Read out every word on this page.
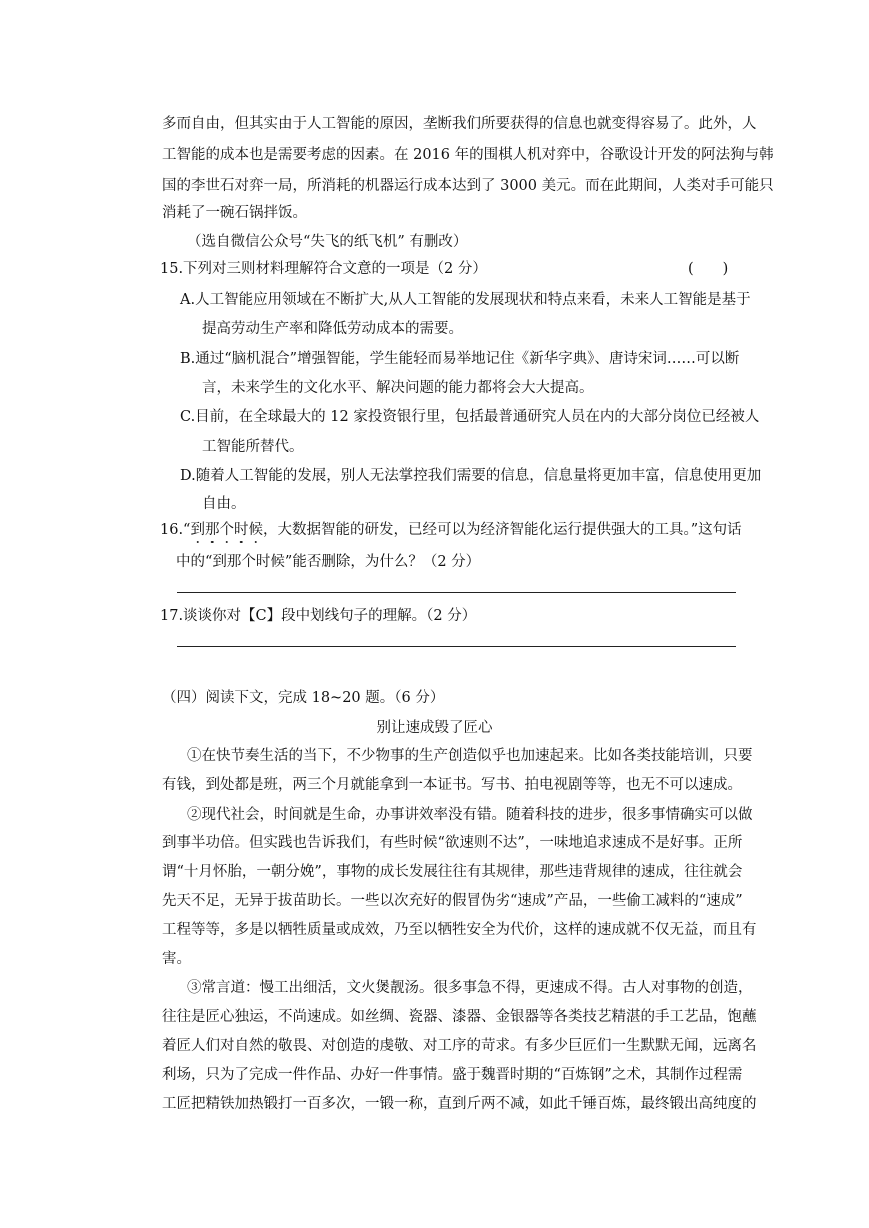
多而自由，但其实由于人工智能的原因，垄断我们所要获得的信息也就变得容易了。此外，人
工智能的成本也是需要考虑的因素。在 2016 年的围棋人机对弈中，谷歌设计开发的阿法狗与韩
国的李世石对弈一局，所消耗的机器运行成本达到了 3000 美元。而在此期间，人类对手可能只
消耗了一碗石锅拌饭。
（选自微信公众号“失飞的纸飞机” 有删改）
15.下列对三则材料理解符合文意的一项是（2 分）	(　　)
A.人工智能应用领域在不断扩大,从人工智能的发展现状和特点来看，未来人工智能是基于
提高劳动生产率和降低劳动成本的需要。
B.通过“脑机混合”增强智能，学生能轻而易举地记住《新华字典》、唐诗宋词……可以断
言，未来学生的文化水平、解决问题的能力都将会大大提高。
C.目前，在全球最大的 12 家投资银行里，包括最普通研究人员在内的大部分岗位已经被人
工智能所替代。
D.随着人工智能的发展，别人无法掌控我们需要的信息，信息量将更加丰富，信息使用更加
自由。
16.“到那个时候，大数据智能的研发，已经可以为经济智能化运行提供强大的工具。”这句话
中的“到那个时候”能否删除，为什么？（2 分）
17.谈谈你对【C】段中划线句子的理解。（2 分）
（四）阅读下文，完成 18~20 题。（6 分）
别让速成毁了匠心
①在快节奏生活的当下，不少物事的生产创造似乎也加速起来。比如各类技能培训，只要
有钱，到处都是班，两三个月就能拿到一本证书。写书、拍电视剧等等，也无不可以速成。
②现代社会，时间就是生命，办事讲效率没有错。随着科技的进步，很多事情确实可以做
到事半功倍。但实践也告诉我们，有些时候“欲速则不达”，一味地追求速成不是好事。正所
谓“十月怀胎，一朝分娩”，事物的成长发展往往有其规律，那些违背规律的速成，往往就会
先天不足，无异于拔苗助长。一些以次充好的假冒伪劣“速成”产品，一些偷工减料的“速成”
工程等等，多是以牺牲质量或成效，乃至以牺牲安全为代价，这样的速成就不仅无益，而且有
害。
③常言道：慢工出细活，文火煲靓汤。很多事急不得，更速成不得。古人对事物的创造，
往往是匠心独运，不尚速成。如丝绸、瓷器、漆器、金银器等各类技艺精湛的手工艺品，饱蘸
着匠人们对自然的敬畏、对创造的虔敬、对工序的苛求。有多少巨匠们一生默默无闻，远离名
利场，只为了完成一件作品、办好一件事情。盛于魏晋时期的“百炼钢”之术，其制作过程需
工匠把精铁加热锻打一百多次，一锻一称，直到斤两不减，如此千锤百炼，最终锻出高纯度的
